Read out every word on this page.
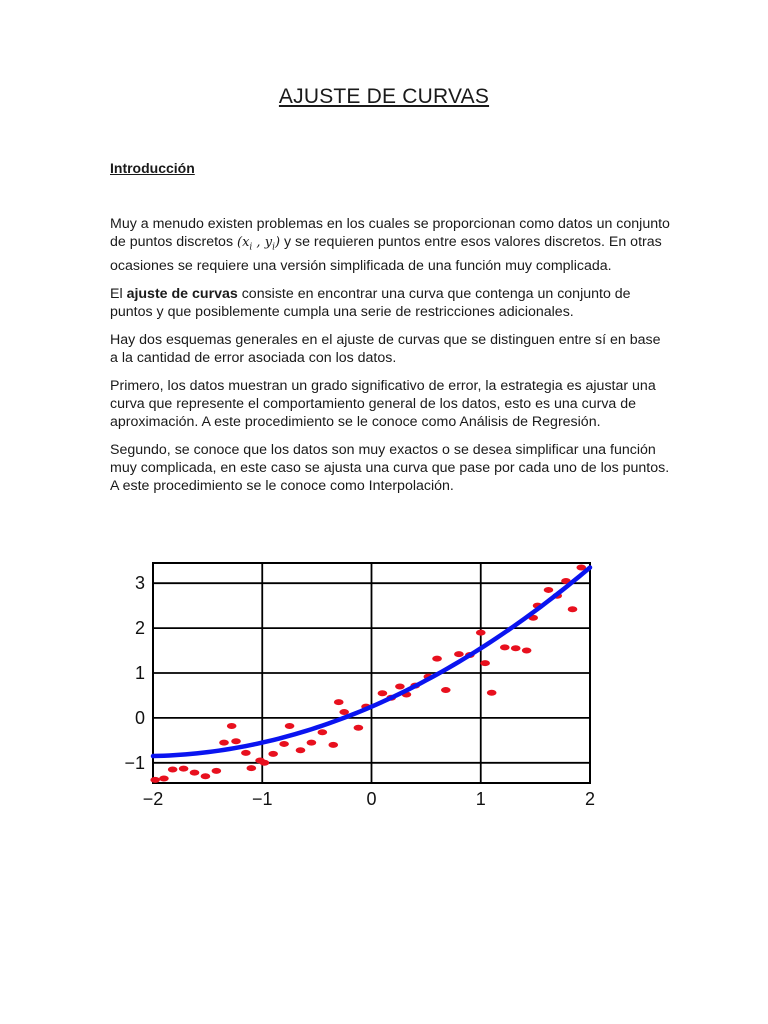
AJUSTE DE CURVAS
Introducción

Muy a menudo existen problemas en los cuales se proporcionan como datos un conjunto de puntos discretos ($x_i$ , $y_i$) y se requieren puntos entre esos valores discretos. En otras ocasiones se requiere una versión simplificada de una función muy complicada.

El ajuste de curvas consiste en encontrar una curva que contenga un conjunto de puntos y que posiblemente cumpla una serie de restricciones adicionales.

Hay dos esquemas generales en el ajuste de curvas que se distinguen entre sí en base a la cantidad de error asociada con los datos.

Primero, los datos muestran un grado significativo de error, la estrategia es ajustar una curva que represente el comportamiento general de los datos, esto es una curva de aproximación. A este procedimiento se le conoce como Análisis de Regresión.

Segundo, se conoce que los datos son muy exactos o se desea simplificar una función muy complicada, en este caso se ajusta una curva que pase por cada uno de los puntos. A este procedimiento se le conoce como Interpolación.

−2	−1	0	1	2
−1
0
1
2
3
